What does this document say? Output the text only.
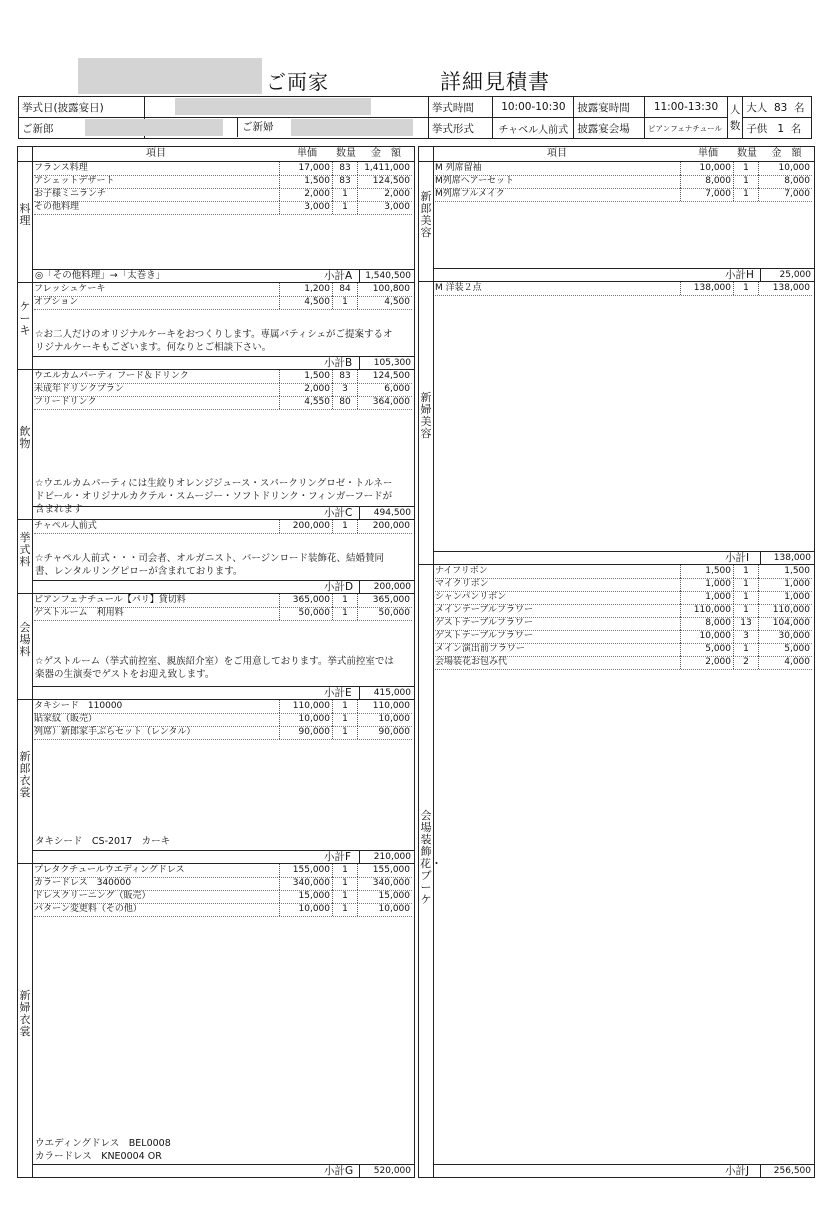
ご両家	詳細見積書
挙式日(披露宴日)		挙式時間	10:00-10:30	披露宴時間	11:00-13:30	人数	大人 83 名
ご新郎	ご新婦	挙式形式	チャベル人前式	披露宴会場	ビアンフェナチュール		子供 1 名
項目	単価	数量	金　額
料理
フランス料理	17,000	83	1,411,000
アシェットデザート	1,500	83	124,500
お子様ミニランチ	2,000	1	2,000
その他料理	3,000	1	3,000
◎「その他料理」→「太巻き」	小計A	1,540,500
ケーキ
フレッシュケーキ	1,200	84	100,800
オプション	4,500	1	4,500
☆お二人だけのオリジナルケーキをおつくりします。専属パティシェがご提案するオリジナルケーキもございます。何なりとご相談下さい。
小計B	105,300
飲物
ウエルカムパーティ フード＆ドリンク	1,500	83	124,500
未成年ドリンクプラン	2,000	3	6,000
フリードリンク	4,550	80	364,000
☆ウエルカムパーティには生絞りオレンジジュース・スパークリングロゼ・トルネードビール・オリジナルカクテル・スムージー・ソフトドリンク・フィンガーフードが含まれます	小計C	494,500
挙式料
チャペル人前式	200,000	1	200,000
☆チャペル人前式・・・司会者、オルガニスト、バージンロード装飾花、結婚賛同書、レンタルリングピローが含まれております。
小計D	200,000
会場料
ビアンフェナチュール【パリ】貸切料	365,000	1	365,000
ゲストルーム　利用料	50,000	1	50,000
☆ゲストルーム（挙式前控室、親族紹介室）をご用意しております。挙式前控室では楽器の生演奏でゲストをお迎え致します。
小計E	415,000
新郎衣裳
タキシード　110000	110,000	1	110,000
貼家紋（販売）	10,000	1	10,000
列席）新郎家手ぶらセット（レンタル）	90,000	1	90,000
タキシード　CS-2017　カーキ
小計F	210,000
新婦衣裳
プレタクチュールウエディングドレス	155,000	1	155,000
カラードレス　340000	340,000	1	340,000
ドレスクリーニング（販売）	15,000	1	15,000
パターン変更料（その他）	10,000	1	10,000
ウエディングドレス　BEL0008
カラードレス　KNE0004 OR
小計G	520,000
項目	単価	数量	金　額
新郎美容
M 列席留袖	10,000	1	10,000
M列席ヘアーセット	8,000	1	8,000
M列席フルメイク	7,000	1	7,000
小計H	25,000
新婦美容
M 洋装２点	138,000	1	138,000
小計I	138,000
会場装飾花・ブーケ
ナイフリボン	1,500	1	1,500
マイクリボン	1,000	1	1,000
シャンパンリボン	1,000	1	1,000
メインテーブルフラワー	110,000	1	110,000
ゲストテーブルフラワー	8,000	13	104,000
ゲストテーブルフラワー	10,000	3	30,000
メイン演出前フラワー	5,000	1	5,000
会場装花お包み代	2,000	2	4,000
小計J	256,500
